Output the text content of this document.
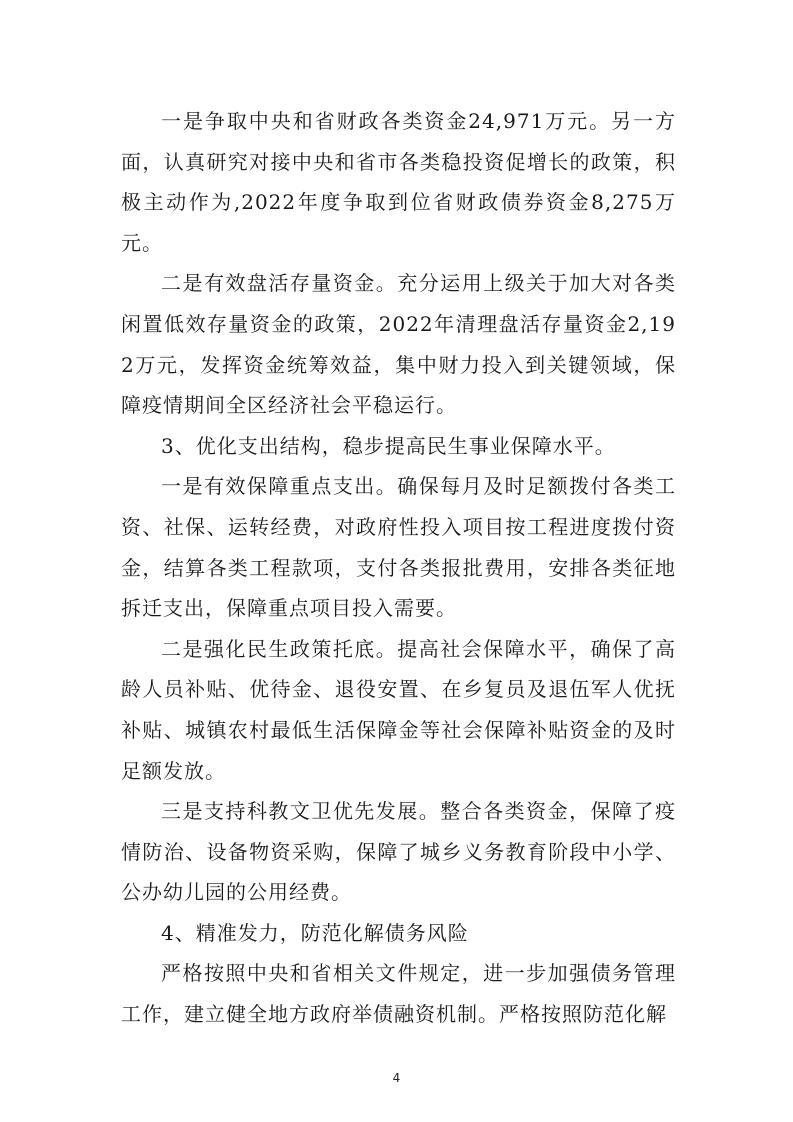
一是争取中央和省财政各类资金24,971万元。另一方面，认真研究对接中央和省市各类稳投资促增长的政策，积极主动作为,2022年度争取到位省财政债券资金8,275万元。

二是有效盘活存量资金。充分运用上级关于加大对各类闲置低效存量资金的政策，2022年清理盘活存量资金2,192万元，发挥资金统筹效益，集中财力投入到关键领域，保障疫情期间全区经济社会平稳运行。

3、优化支出结构，稳步提高民生事业保障水平。

一是有效保障重点支出。确保每月及时足额拨付各类工资、社保、运转经费，对政府性投入项目按工程进度拨付资金，结算各类工程款项，支付各类报批费用，安排各类征地拆迁支出，保障重点项目投入需要。

二是强化民生政策托底。提高社会保障水平，确保了高龄人员补贴、优待金、退役安置、在乡复员及退伍军人优抚补贴、城镇农村最低生活保障金等社会保障补贴资金的及时足额发放。

三是支持科教文卫优先发展。整合各类资金，保障了疫情防治、设备物资采购，保障了城乡义务教育阶段中小学、公办幼儿园的公用经费。

4、精准发力，防范化解债务风险

严格按照中央和省相关文件规定，进一步加强债务管理工作，建立健全地方政府举债融资机制。严格按照防范化解

4
